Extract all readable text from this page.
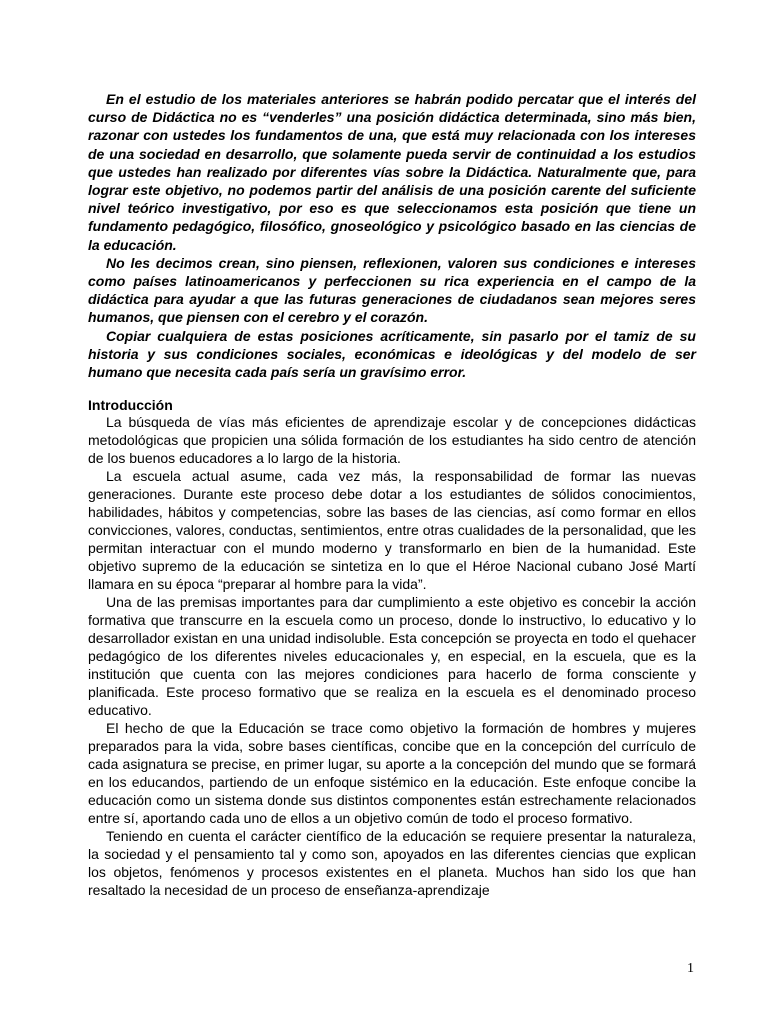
En el estudio de los materiales anteriores se habrán podido percatar que el interés del curso de Didáctica no es “venderles” una posición didáctica determinada, sino más bien, razonar con ustedes los fundamentos de una, que está muy relacionada con los intereses de una sociedad en desarrollo, que solamente pueda servir de continuidad a los estudios que ustedes han realizado por diferentes vías sobre la Didáctica. Naturalmente que, para lograr este objetivo, no podemos partir del análisis de una posición carente del suficiente nivel teórico investigativo, por eso es que seleccionamos esta posición que tiene un fundamento pedagógico, filosófico, gnoseológico y psicológico basado en las ciencias de la educación.

No les decimos crean, sino piensen, reflexionen, valoren sus condiciones e intereses como países latinoamericanos y perfeccionen su rica experiencia en el campo de la didáctica para ayudar a que las futuras generaciones de ciudadanos sean mejores seres humanos, que piensen con el cerebro y el corazón.

Copiar cualquiera de estas posiciones acríticamente, sin pasarlo por el tamiz de su historia y sus condiciones sociales, económicas e ideológicas y del modelo de ser humano que necesita cada país sería un gravísimo error.

Introducción

La búsqueda de vías más eficientes de aprendizaje escolar y de concepciones didácticas metodológicas que propicien una sólida formación de los estudiantes ha sido centro de atención de los buenos educadores a lo largo de la historia.

La escuela actual asume, cada vez más, la responsabilidad de formar las nuevas generaciones. Durante este proceso debe dotar a los estudiantes de sólidos conocimientos, habilidades, hábitos y competencias, sobre las bases de las ciencias, así como formar en ellos convicciones, valores, conductas, sentimientos, entre otras cualidades de la personalidad, que les permitan interactuar con el mundo moderno y transformarlo en bien de la humanidad. Este objetivo supremo de la educación se sintetiza en lo que el Héroe Nacional cubano José Martí llamara en su época “preparar al hombre para la vida”.

Una de las premisas importantes para dar cumplimiento a este objetivo es concebir la acción formativa que transcurre en la escuela como un proceso, donde lo instructivo, lo educativo y lo desarrollador existan en una unidad indisoluble. Esta concepción se proyecta en todo el quehacer pedagógico de los diferentes niveles educacionales y, en especial, en la escuela, que es la institución que cuenta con las mejores condiciones para hacerlo de forma consciente y planificada. Este proceso formativo que se realiza en la escuela es el denominado proceso educativo.

El hecho de que la Educación se trace como objetivo la formación de hombres y mujeres preparados para la vida, sobre bases científicas, concibe que en la concepción del currículo de cada asignatura se precise, en primer lugar, su aporte a la concepción del mundo que se formará en los educandos, partiendo de un enfoque sistémico en la educación. Este enfoque concibe la educación como un sistema donde sus distintos componentes están estrechamente relacionados entre sí, aportando cada uno de ellos a un objetivo común de todo el proceso formativo.

Teniendo en cuenta el carácter científico de la educación se requiere presentar la naturaleza, la sociedad y el pensamiento tal y como son, apoyados en las diferentes ciencias que explican los objetos, fenómenos y procesos existentes en el planeta. Muchos han sido los que han resaltado la necesidad de un proceso de enseñanza-aprendizaje

1
